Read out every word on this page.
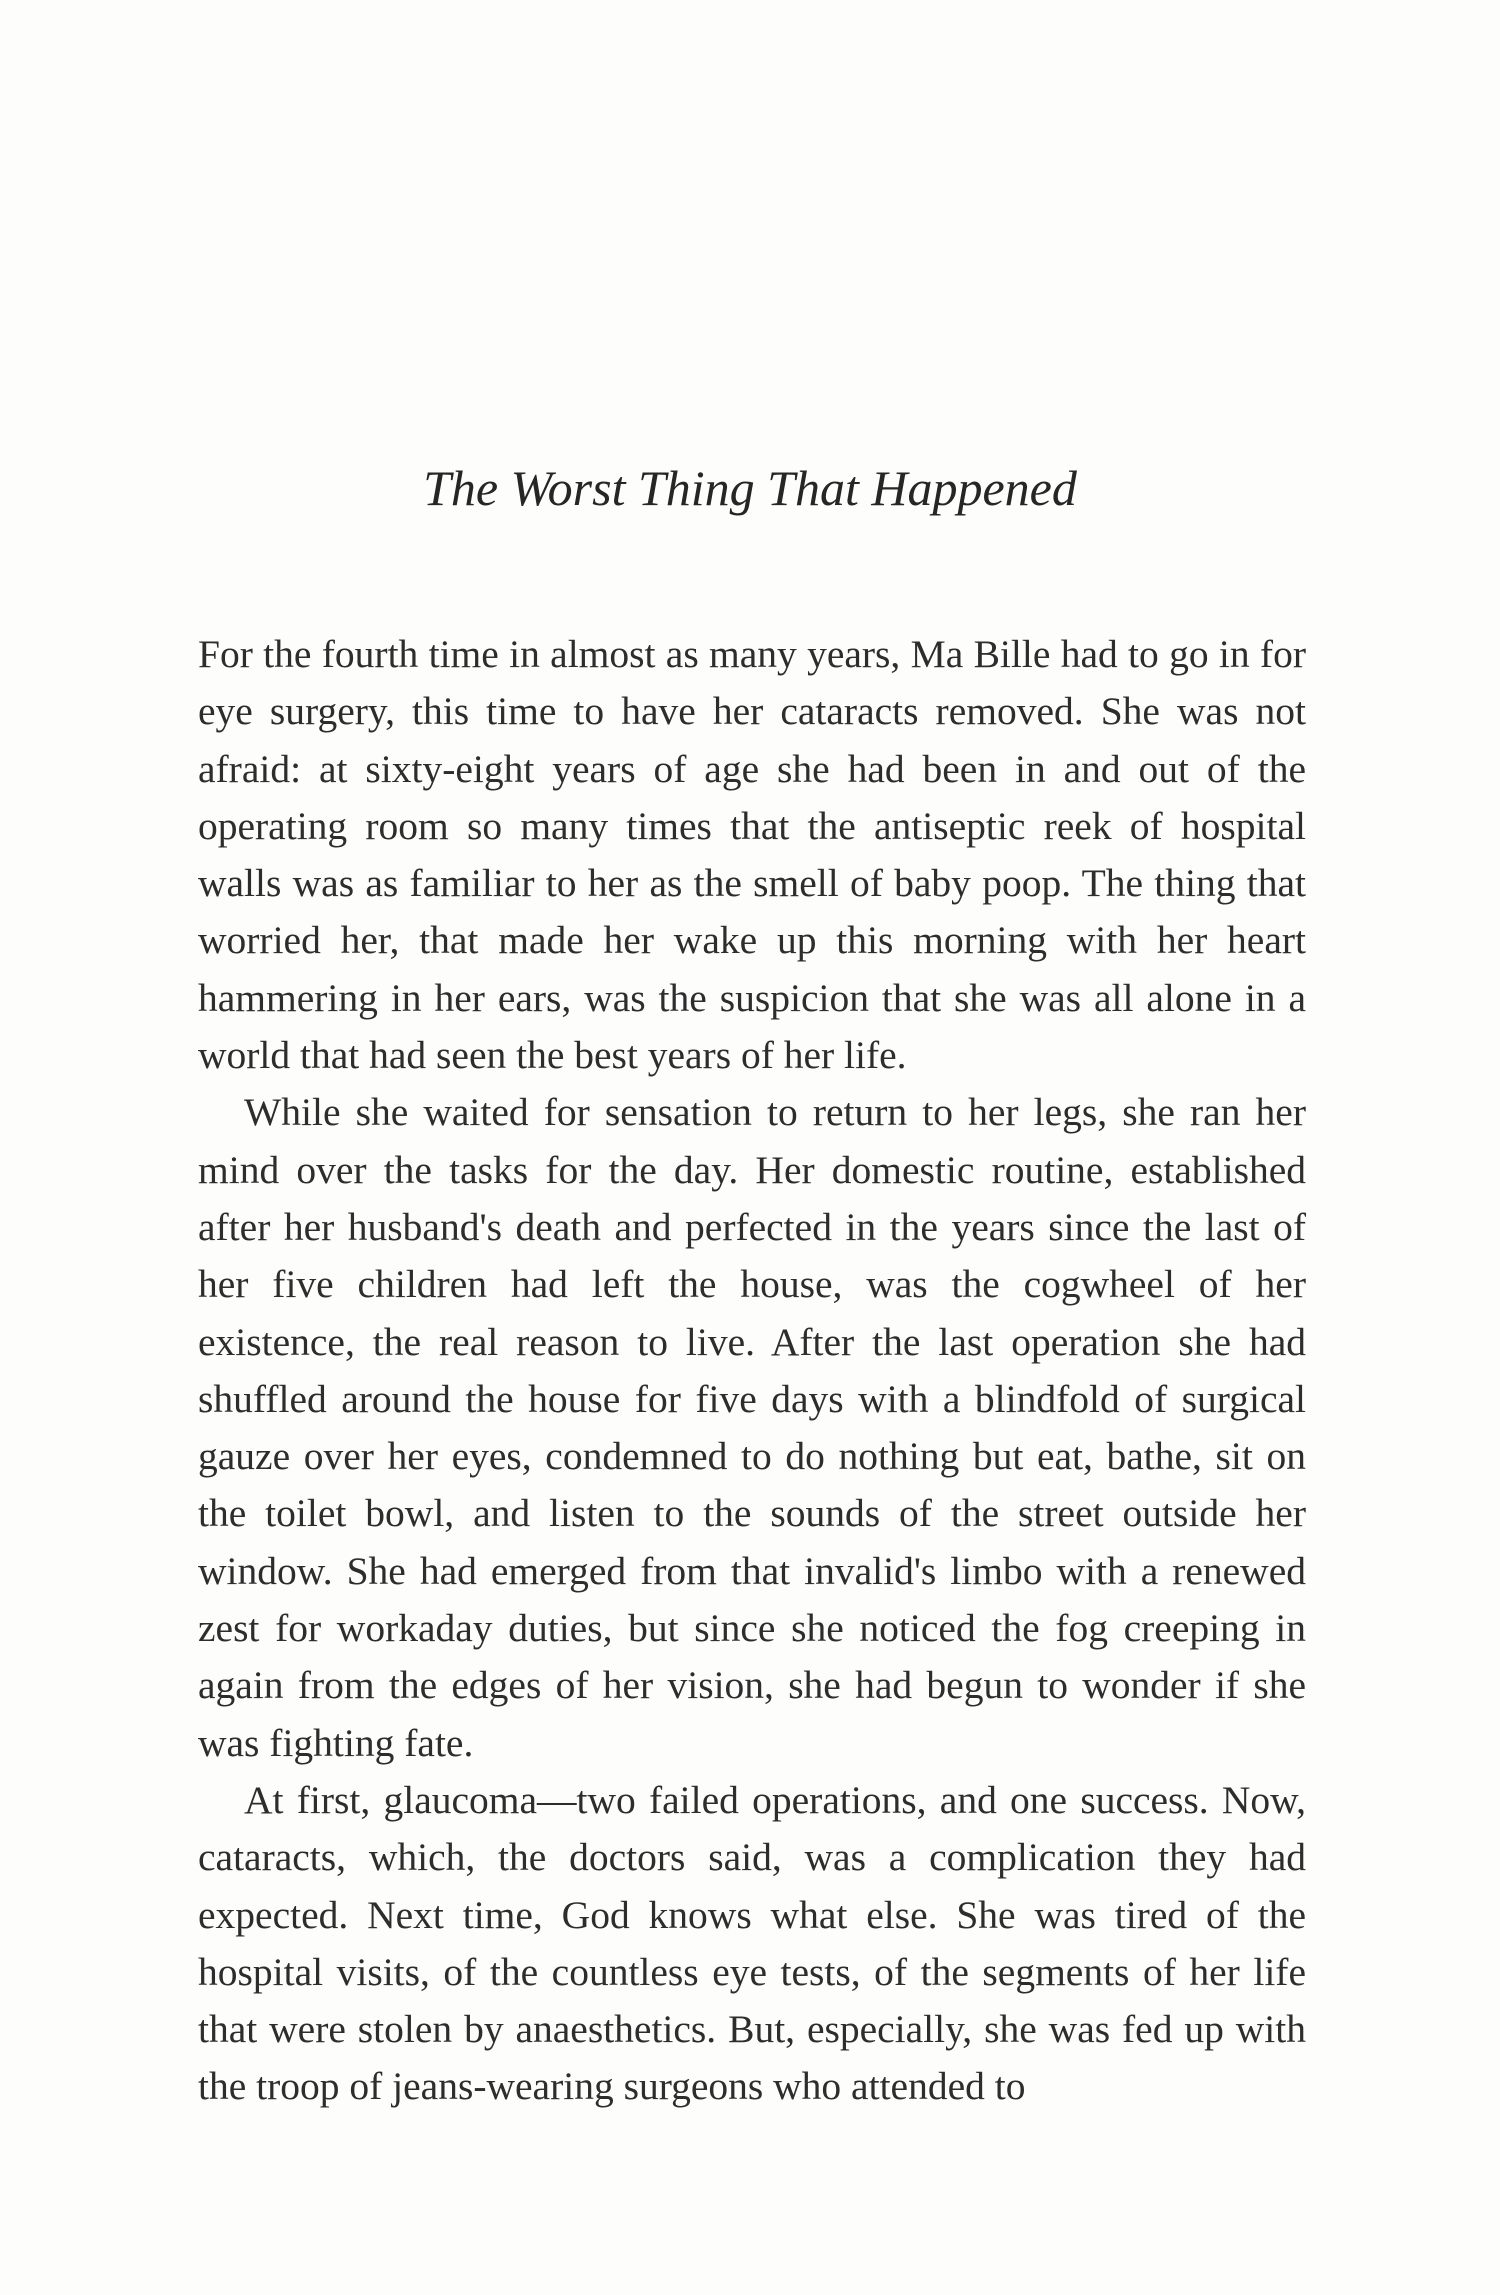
The Worst Thing That Happened

For the fourth time in almost as many years, Ma Bille had to go in for eye surgery, this time to have her cataracts removed. She was not afraid: at sixty-eight years of age she had been in and out of the operating room so many times that the antiseptic reek of hospital walls was as familiar to her as the smell of baby poop. The thing that worried her, that made her wake up this morning with her heart hammering in her ears, was the suspicion that she was all alone in a world that had seen the best years of her life.

While she waited for sensation to return to her legs, she ran her mind over the tasks for the day. Her domestic routine, established after her husband's death and perfected in the years since the last of her five children had left the house, was the cogwheel of her existence, the real reason to live. After the last operation she had shuffled around the house for five days with a blindfold of surgical gauze over her eyes, condemned to do nothing but eat, bathe, sit on the toilet bowl, and listen to the sounds of the street outside her window. She had emerged from that invalid's limbo with a renewed zest for workaday duties, but since she noticed the fog creeping in again from the edges of her vision, she had begun to wonder if she was fighting fate.

At first, glaucoma—two failed operations, and one success. Now, cataracts, which, the doctors said, was a complication they had expected. Next time, God knows what else. She was tired of the hospital visits, of the countless eye tests, of the segments of her life that were stolen by anaesthetics. But, especially, she was fed up with the troop of jeans-wearing surgeons who attended to
